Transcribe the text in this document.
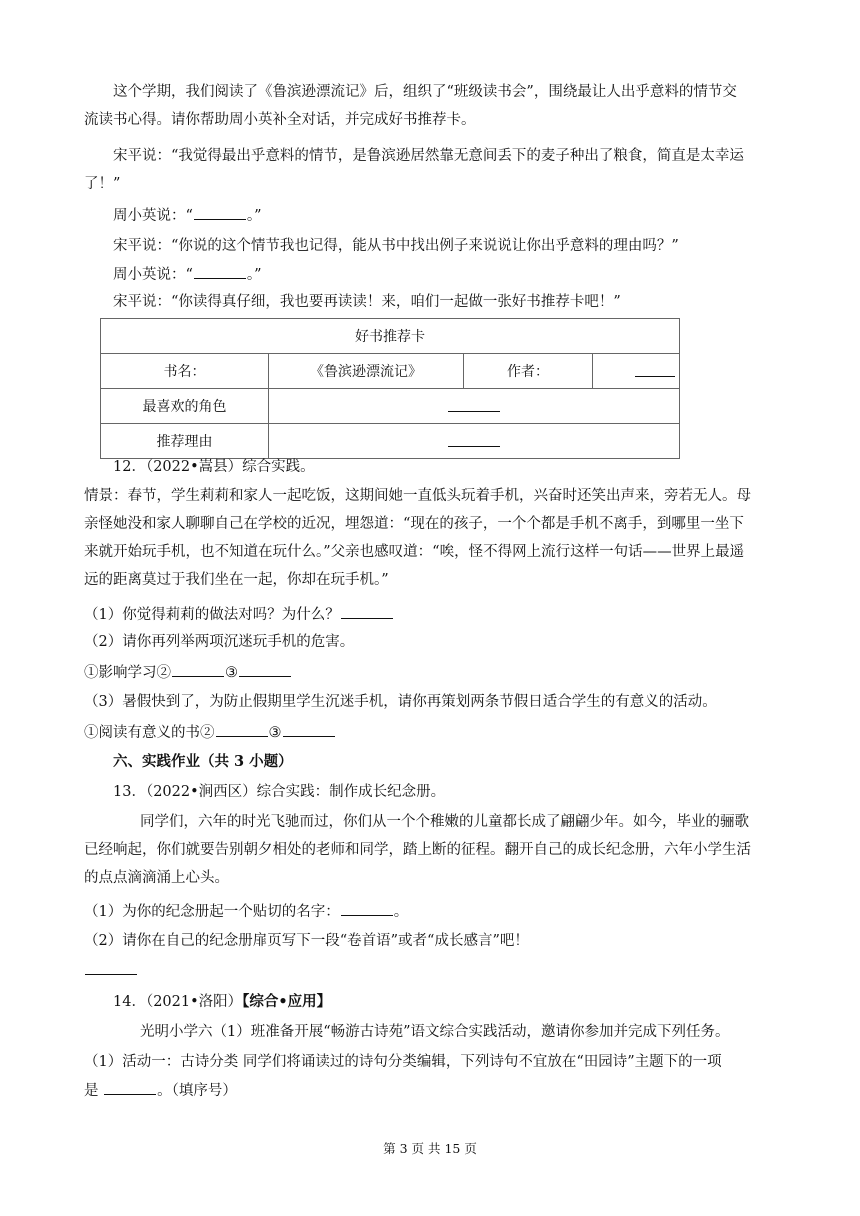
这个学期，我们阅读了《鲁滨逊漂流记》后，组织了“班级读书会”，围绕最让人出乎意料的情节交
流读书心得。请你帮助周小英补全对话，并完成好书推荐卡。
宋平说：“我觉得最出乎意料的情节，是鲁滨逊居然靠无意间丢下的麦子种出了粮食，简直是太幸运
了！”
周小英说：“	。”
宋平说：“你说的这个情节我也记得，能从书中找出例子来说说让你出乎意料的理由吗？”
周小英说：“	。”
宋平说：“你读得真仔细，我也要再读读！来，咱们一起做一张好书推荐卡吧！”
好书推荐卡			
书名：	《鲁滨逊漂流记》	作者：	
最喜欢的角色			
推荐理由			
12．（2022•嵩县）综合实践。
情景：春节，学生莉莉和家人一起吃饭，这期间她一直低头玩着手机，兴奋时还笑出声来，旁若无人。母
亲怪她没和家人聊聊自己在学校的近况，埋怨道：“现在的孩子，一个个都是手机不离手，到哪里一坐下
来就开始玩手机，也不知道在玩什么。”父亲也感叹道：“唉，怪不得网上流行这样一句话——世界上最遥
远的距离莫过于我们坐在一起，你却在玩手机。”
（1）你觉得莉莉的做法对吗？为什么？
（2）请你再列举两项沉迷玩手机的危害。
①影响学习②	③
（3）暑假快到了，为防止假期里学生沉迷手机，请你再策划两条节假日适合学生的有意义的活动。
①阅读有意义的书②	③
六、实践作业（共 3 小题）
13．（2022•涧西区）综合实践：制作成长纪念册。
同学们，六年的时光飞驰而过，你们从一个个稚嫩的儿童都长成了翩翩少年。如今，毕业的骊歌
已经响起，你们就要告别朝夕相处的老师和同学，踏上断的征程。翻开自己的成长纪念册，六年小学生活
的点点滴滴涌上心头。
（1）为你的纪念册起一个贴切的名字：	。
（2）请你在自己的纪念册扉页写下一段“卷首语”或者“成长感言”吧！
14．（2021•洛阳）【综合•应用】
光明小学六（1）班准备开展“畅游古诗苑”语文综合实践活动，邀请你参加并完成下列任务。
（1）活动一：古诗分类 同学们将诵读过的诗句分类编辑，下列诗句不宜放在“田园诗”主题下的一项
是	。（填序号）
第 3 页 共 15 页
